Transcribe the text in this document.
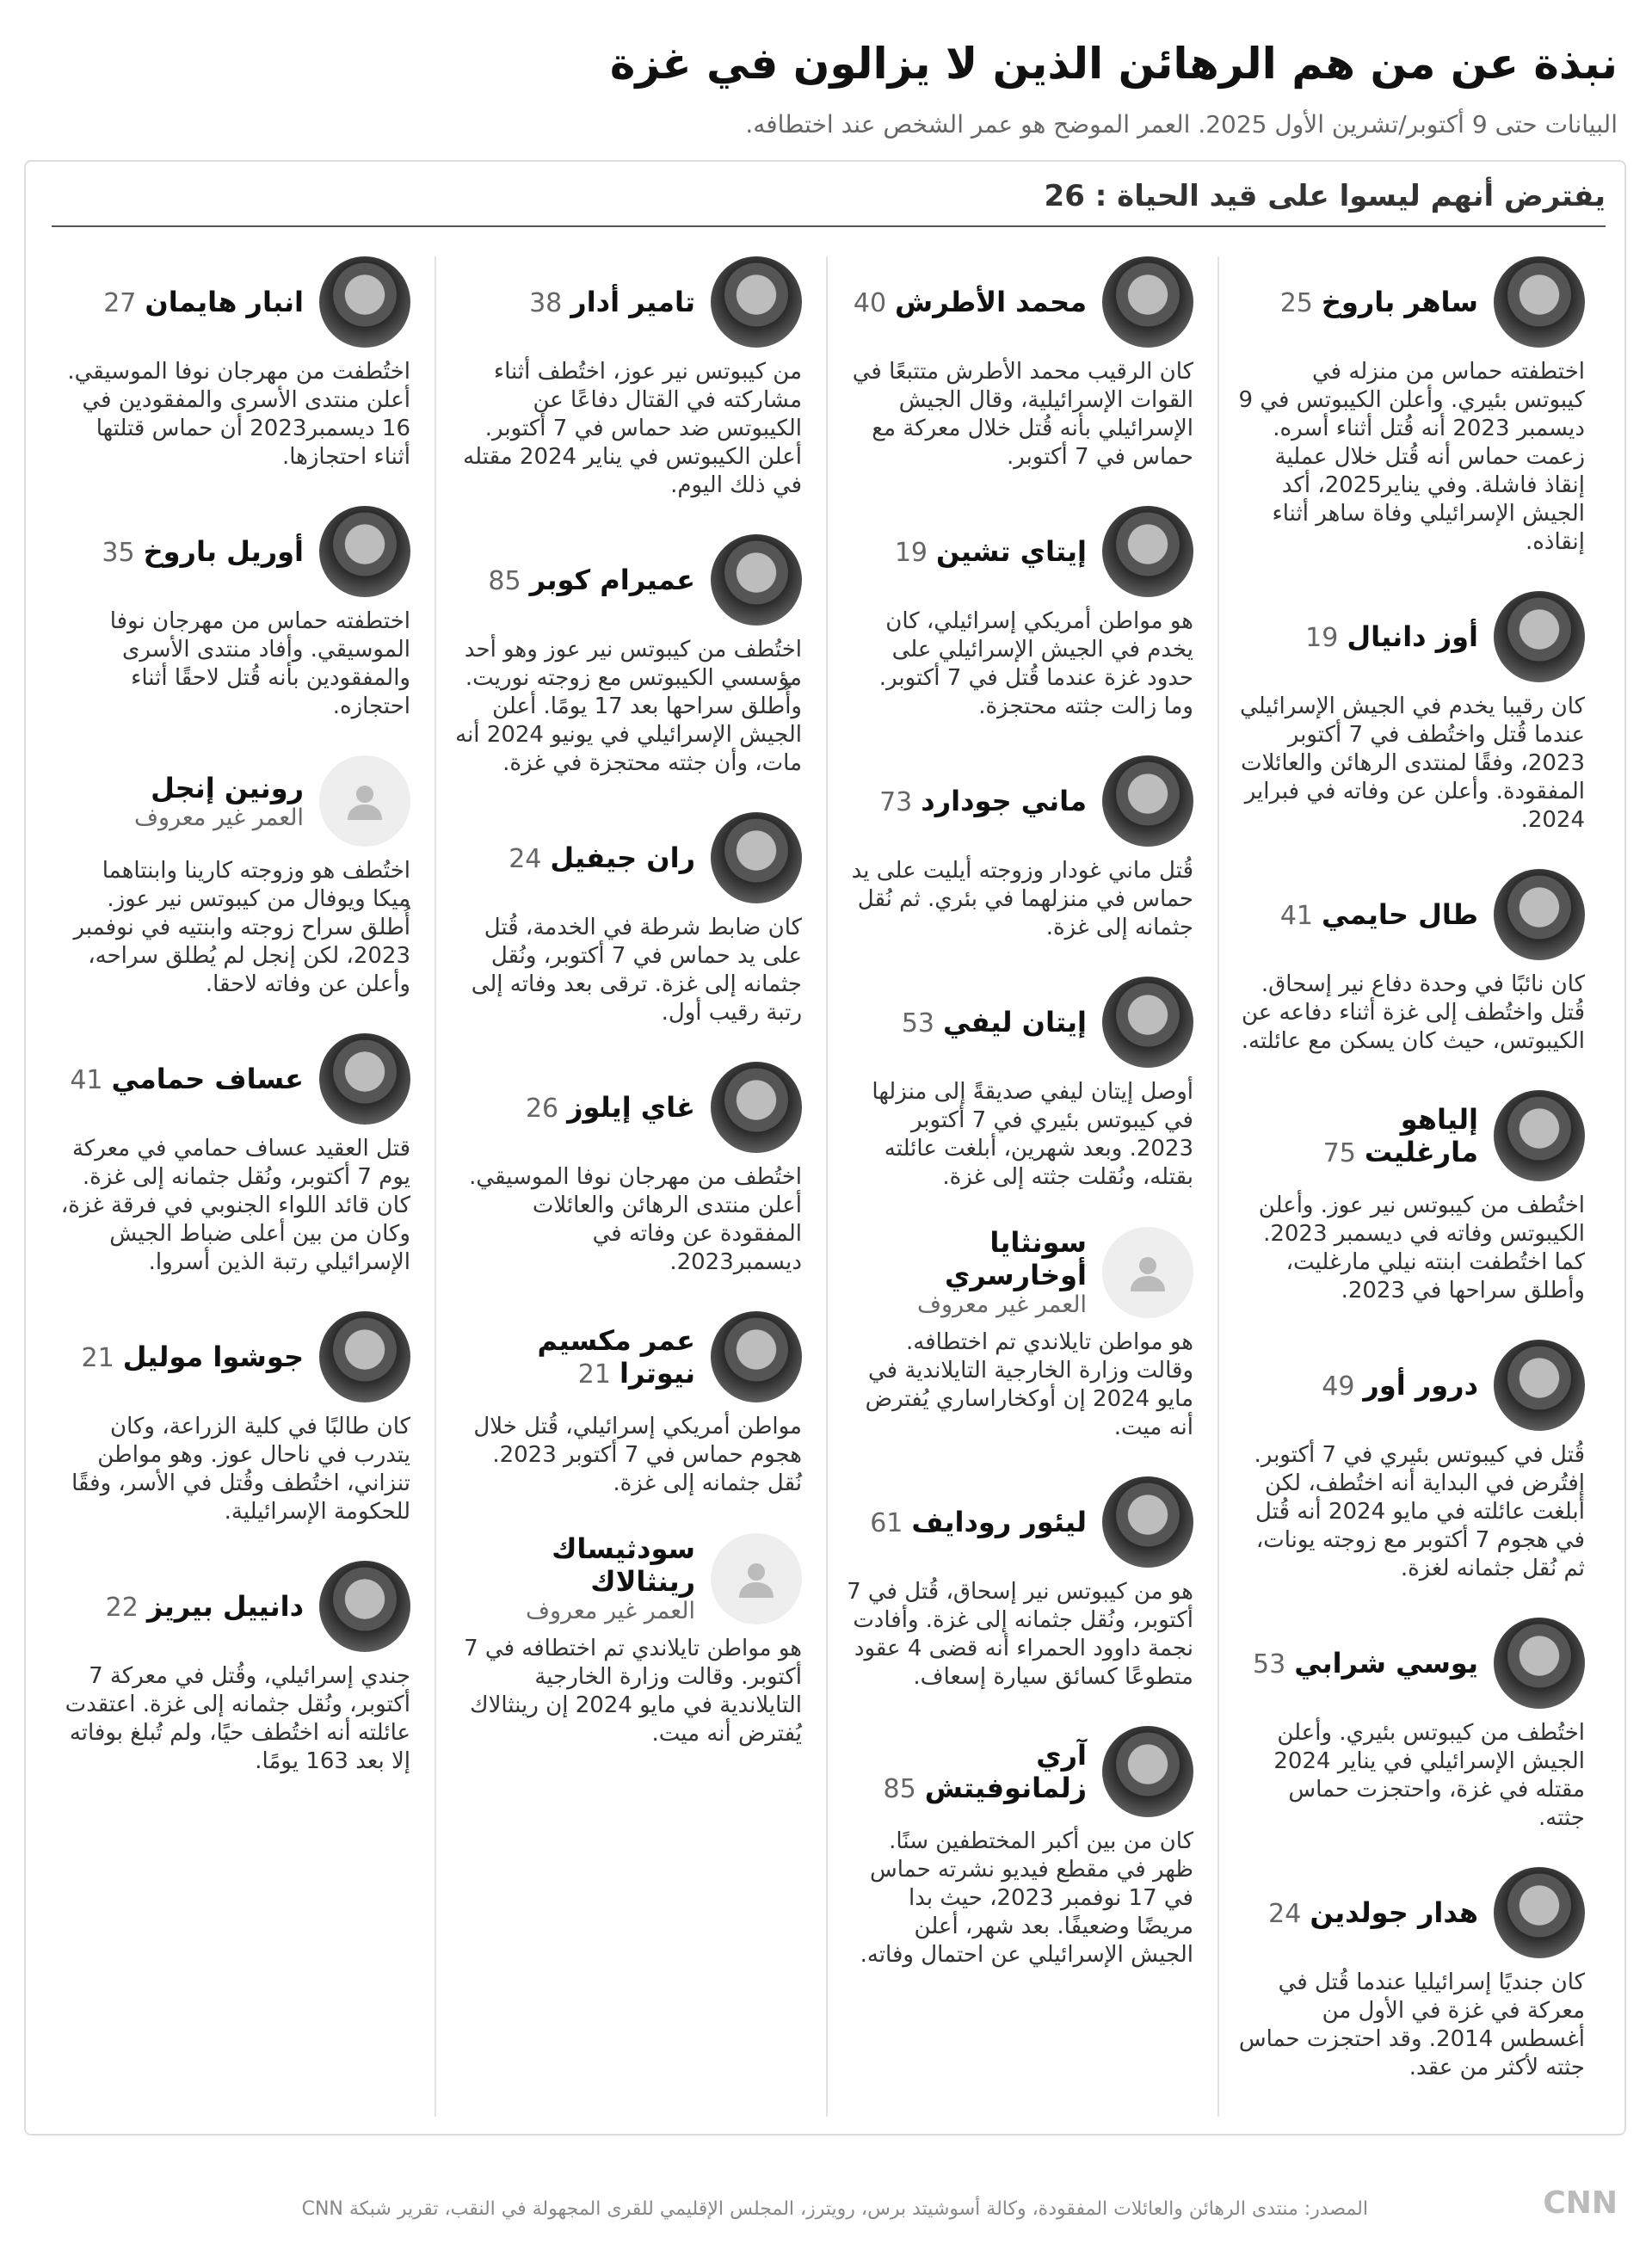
نبذة عن من هم الرهائن الذين لا يزالون في غزة
البيانات حتى 9 أكتوبر/تشرين الأول 2025. العمر الموضح هو عمر الشخص عند اختطافه.
يفترض أنهم ليسوا على قيد الحياة : 26
ساهر باروخ25
اختطفته حماس من منزله في كيبوتس بئيري. وأعلن الكيبوتس في 9 ديسمبر 2023 أنه قُتل أثناء أسره. زعمت حماس أنه قُتل خلال عملية إنقاذ فاشلة. وفي يناير2025، أكد الجيش الإسرائيلي وفاة ساهر أثناء إنقاذه.
أوز دانيال19
كان رقيبا يخدم في الجيش الإسرائيلي عندما قُتل واختُطف في 7 أكتوبر 2023، وفقًا لمنتدى الرهائن والعائلات المفقودة. وأعلن عن وفاته في فبراير 2024.
طال حايمي41
كان نائبًا في وحدة دفاع نير إسحاق. قُتل واختُطف إلى غزة أثناء دفاعه عن الكيبوتس، حيث كان يسكن مع عائلته.
إلياهو مارغليت75
اختُطف من كيبوتس نير عوز. وأعلن الكيبوتس وفاته في ديسمبر 2023. كما اختُطفت ابنته نيلي مارغليت، وأطلق سراحها في 2023.
درور أور49
قُتل في كيبوتس بئيري في 7 أكتوبر. إفتُرض في البداية أنه اختُطف، لكن أبلغت عائلته في مايو 2024 أنه قُتل في هجوم 7 أكتوبر مع زوجته يونات، ثم نُقل جثمانه لغزة.
يوسي شرابي53
اختُطف من كيبوتس بئيري. وأعلن الجيش الإسرائيلي في يناير 2024 مقتله في غزة، واحتجزت حماس جثته.
هدار جولدين24
كان جنديًا إسرائيليا عندما قُتل في معركة في غزة في الأول من أغسطس 2014. وقد احتجزت حماس جثته لأكثر من عقد.
محمد الأطرش40
كان الرقيب محمد الأطرش متتبعًا في القوات الإسرائيلية، وقال الجيش الإسرائيلي بأنه قُتل خلال معركة مع حماس في 7 أكتوبر.
إيتاي تشين19
هو مواطن أمريكي إسرائيلي، كان يخدم في الجيش الإسرائيلي على حدود غزة عندما قُتل في 7 أكتوبر. وما زالت جثته محتجزة.
ماني جودارد73
قُتل ماني غودار وزوجته أيليت على يد حماس في منزلهما في بئري. ثم نُقل جثمانه إلى غزة.
إيتان ليفي53
أوصل إيتان ليفي صديقةً إلى منزلها في كيبوتس بئيري في 7 أكتوبر 2023. وبعد شهرين، أبلغت عائلته بقتله، ونُقلت جثته إلى غزة.
سونثايا أوخارسري
العمر غير معروف
هو مواطن تايلاندي تم اختطافه. وقالت وزارة الخارجية التايلاندية في مايو 2024 إن أوكخاراساري يُفترض أنه ميت.
ليئور رودايف61
هو من كيبوتس نير إسحاق، قُتل في 7 أكتوبر، ونُقل جثمانه إلى غزة. وأفادت نجمة داوود الحمراء أنه قضى 4 عقود متطوعًا كسائق سيارة إسعاف.
آري زلمانوفيتش85
كان من بين أكبر المختطفين سنًا. ظهر في مقطع فيديو نشرته حماس في 17 نوفمبر 2023، حيث بدا مريضًا وضعيفًا. بعد شهر، أعلن الجيش الإسرائيلي عن احتمال وفاته.
تامير أدار38
من كيبوتس نير عوز، اختُطف أثناء مشاركته في القتال دفاعًا عن الكيبوتس ضد حماس في 7 أكتوبر. أعلن الكيبوتس في يناير 2024 مقتله في ذلك اليوم.
عميرام كوبر85
اختُطف من كيبوتس نير عوز وهو أحد مؤسسي الكيبوتس مع زوجته نوريت. وأُطلق سراحها بعد 17 يومًا. أعلن الجيش الإسرائيلي في يونيو 2024 أنه مات، وأن جثته محتجزة في غزة.
ران جيفيل24
كان ضابط شرطة في الخدمة، قُتل على يد حماس في 7 أكتوبر، ونُقل جثمانه إلى غزة. ترقى بعد وفاته إلى رتبة رقيب أول.
غاي إيلوز26
اختُطف من مهرجان نوفا الموسيقي. أعلن منتدى الرهائن والعائلات المفقودة عن وفاته في ديسمبر2023.
عمر مكسيم نيوترا21
مواطن أمريكي إسرائيلي، قُتل خلال هجوم حماس في 7 أكتوبر 2023. نُقل جثمانه إلى غزة.
سودثيساك رينثالاك
العمر غير معروف
هو مواطن تايلاندي تم اختطافه في 7 أكتوبر. وقالت وزارة الخارجية التايلاندية في مايو 2024 إن رينثالاك يُفترض أنه ميت.
انبار هايمان27
اختُطفت من مهرجان نوفا الموسيقي. أعلن منتدى الأسرى والمفقودين في 16 ديسمبر2023 أن حماس قتلتها أثناء احتجازها.
أوريل باروخ35
اختطفته حماس من مهرجان نوفا الموسيقي. وأفاد منتدى الأسرى والمفقودين بأنه قُتل لاحقًا أثناء احتجازه.
رونين إنجل
العمر غير معروف
اختُطف هو وزوجته كارينا وابنتاهما ميكا ويوفال من كيبوتس نير عوز. أُطلق سراح زوجته وابنتيه في نوفمبر 2023، لكن إنجل لم يُطلق سراحه، وأعلن عن وفاته لاحقا.
عساف حمامي41
قتل العقيد عساف حمامي في معركة يوم 7 أكتوبر، ونُقل جثمانه إلى غزة. كان قائد اللواء الجنوبي في فرقة غزة، وكان من بين أعلى ضباط الجيش الإسرائيلي رتبة الذين أسروا.
جوشوا موليل21
كان طالبًا في كلية الزراعة، وكان يتدرب في ناحال عوز. وهو مواطن تنزاني، اختُطف وقُتل في الأسر، وفقًا للحكومة الإسرائيلية.
دانييل بيريز22
جندي إسرائيلي، وقُتل في معركة 7 أكتوبر، ونُقل جثمانه إلى غزة. اعتقدت عائلته أنه اختُطف حيًا، ولم تُبلغ بوفاته إلا بعد 163 يومًا.
CNN
المصدر: منتدى الرهائن والعائلات المفقودة، وكالة أسوشيتد برس، رويترز، المجلس الإقليمي للقرى المجهولة في النقب، تقرير شبكة CNN
